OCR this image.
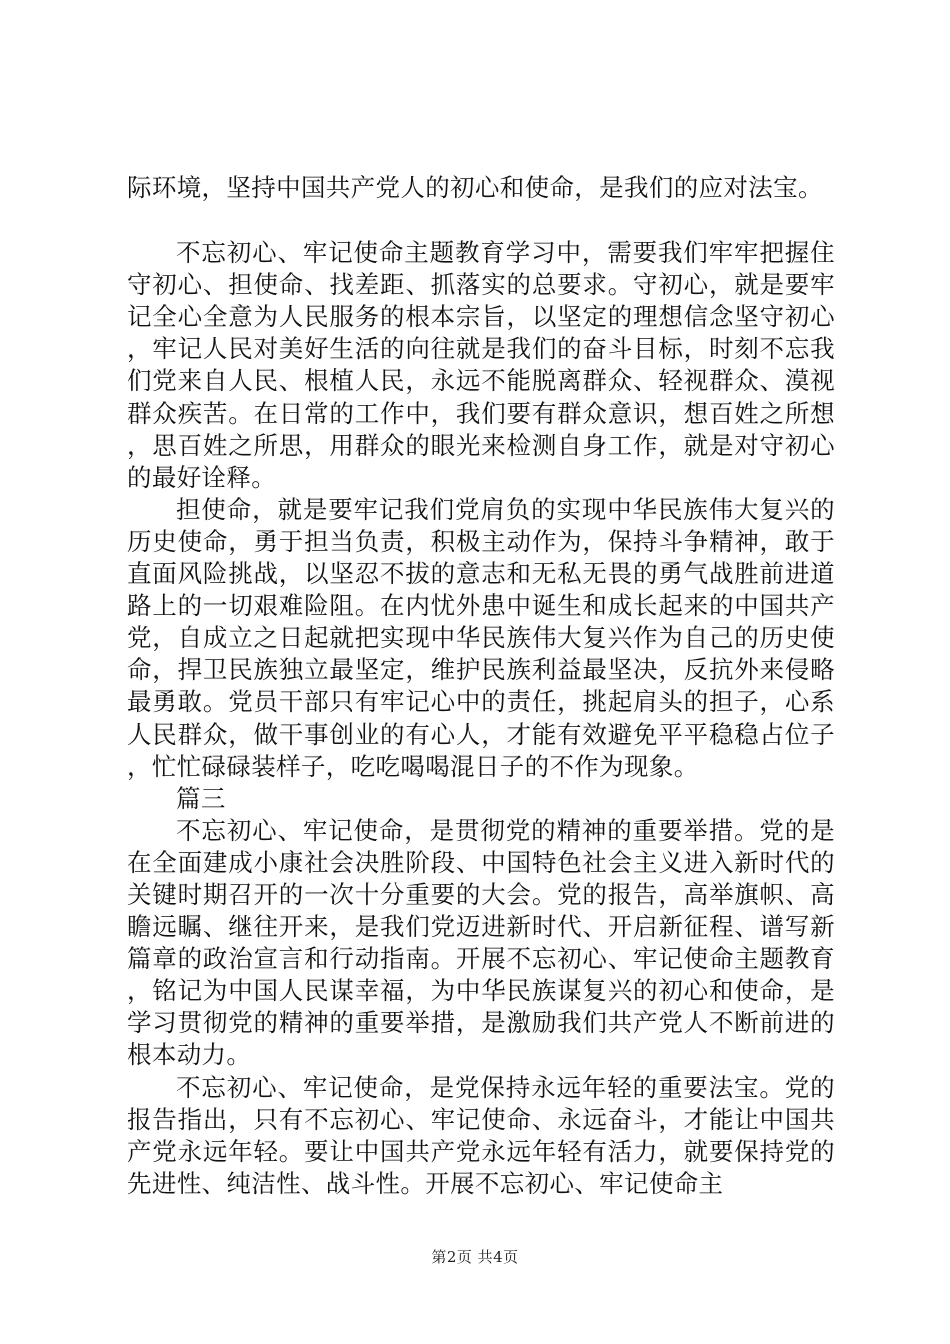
际环境，坚持中国共产党人的初心和使命，是我们的应对法宝。

不忘初心、牢记使命主题教育学习中，需要我们牢牢把握住守初心、担使命、找差距、抓落实的总要求。守初心，就是要牢记全心全意为人民服务的根本宗旨，以坚定的理想信念坚守初心，牢记人民对美好生活的向往就是我们的奋斗目标，时刻不忘我们党来自人民、根植人民，永远不能脱离群众、轻视群众、漠视群众疾苦。在日常的工作中，我们要有群众意识，想百姓之所想，思百姓之所思，用群众的眼光来检测自身工作，就是对守初心的最好诠释。

担使命，就是要牢记我们党肩负的实现中华民族伟大复兴的历史使命，勇于担当负责，积极主动作为，保持斗争精神，敢于直面风险挑战，以坚忍不拔的意志和无私无畏的勇气战胜前进道路上的一切艰难险阻。在内忧外患中诞生和成长起来的中国共产党，自成立之日起就把实现中华民族伟大复兴作为自己的历史使命，捍卫民族独立最坚定，维护民族利益最坚决，反抗外来侵略最勇敢。党员干部只有牢记心中的责任，挑起肩头的担子，心系人民群众，做干事创业的有心人，才能有效避免平平稳稳占位子，忙忙碌碌装样子，吃吃喝喝混日子的不作为现象。

篇三

不忘初心、牢记使命，是贯彻党的精神的重要举措。党的是在全面建成小康社会决胜阶段、中国特色社会主义进入新时代的关键时期召开的一次十分重要的大会。党的报告，高举旗帜、高瞻远瞩、继往开来，是我们党迈进新时代、开启新征程、谱写新篇章的政治宣言和行动指南。开展不忘初心、牢记使命主题教育，铭记为中国人民谋幸福，为中华民族谋复兴的初心和使命，是学习贯彻党的精神的重要举措，是激励我们共产党人不断前进的根本动力。

不忘初心、牢记使命，是党保持永远年轻的重要法宝。党的报告指出，只有不忘初心、牢记使命、永远奋斗，才能让中国共产党永远年轻。要让中国共产党永远年轻有活力，就要保持党的先进性、纯洁性、战斗性。开展不忘初心、牢记使命主

第2页 共4页
